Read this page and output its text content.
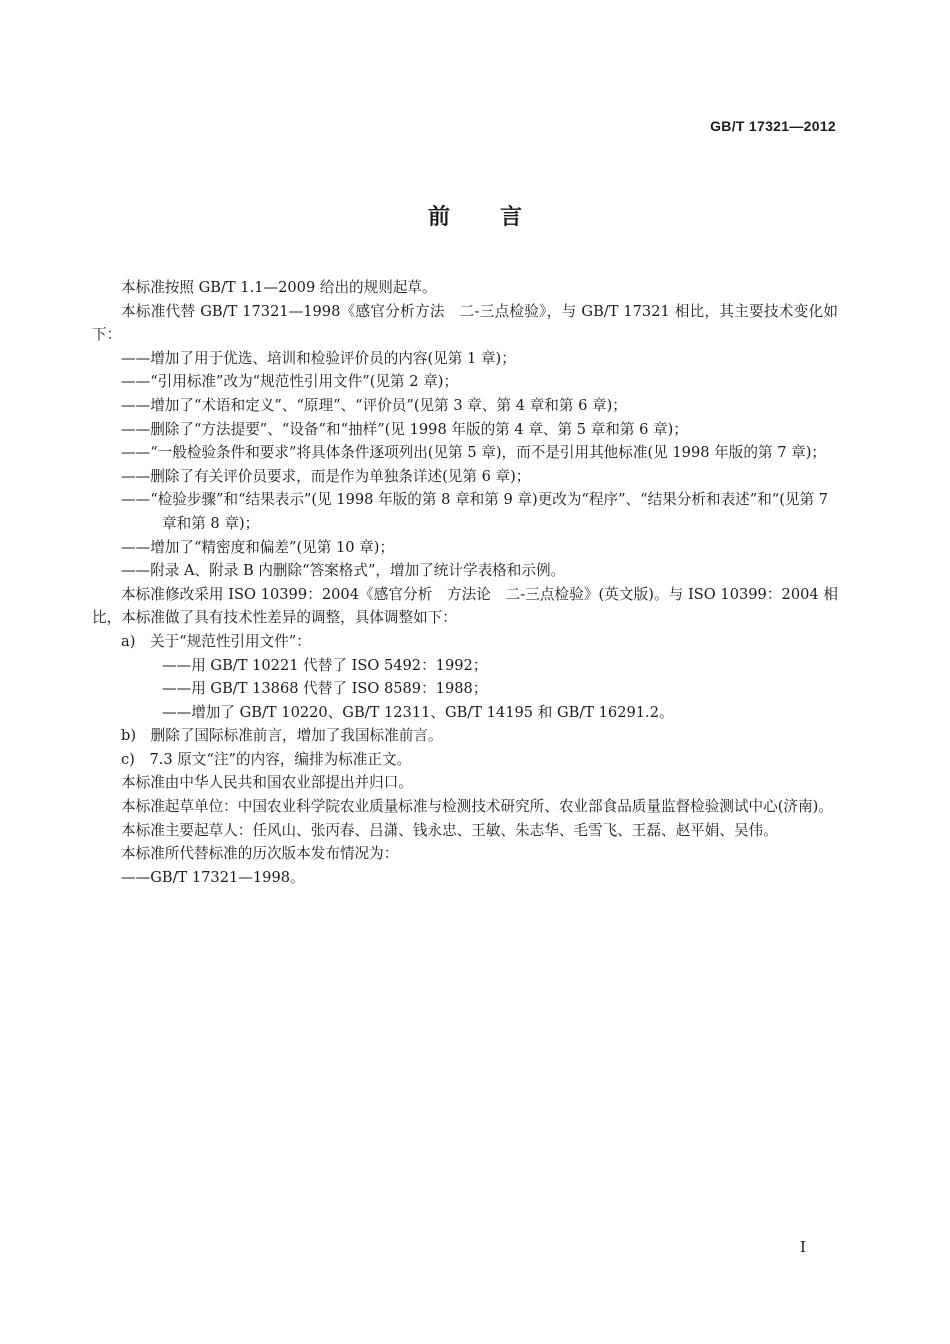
GB/T 17321—2012
前言

本标准按照 GB/T 1.1—2009 给出的规则起草。

本标准代替 GB/T 17321—1998《感官分析方法　二-三点检验》，与 GB/T 17321 相比，其主要技术变化如下：

——增加了用于优选、培训和检验评价员的内容(见第 1 章)；

——“引用标准”改为“规范性引用文件”(见第 2 章)；

——增加了“术语和定义”、“原理”、“评价员”(见第 3 章、第 4 章和第 6 章)；

——删除了“方法提要”、“设备”和“抽样”(见 1998 年版的第 4 章、第 5 章和第 6 章)；

——“一般检验条件和要求”将具体条件逐项列出(见第 5 章)，而不是引用其他标准(见 1998 年版的第 7 章)；

——删除了有关评价员要求，而是作为单独条详述(见第 6 章)；

——“检验步骤”和“结果表示”(见 1998 年版的第 8 章和第 9 章)更改为“程序”、“结果分析和表述”和“(见第 7 章和第 8 章)；

——增加了“精密度和偏差”(见第 10 章)；

——附录 A、附录 B 内删除“答案格式”，增加了统计学表格和示例。

本标准修改采用 ISO 10399：2004《感官分析　方法论　二-三点检验》(英文版)。与 ISO 10399：2004 相比，本标准做了具有技术性差异的调整，具体调整如下：

a)　关于“规范性引用文件”：

——用 GB/T 10221 代替了 ISO 5492：1992；

——用 GB/T 13868 代替了 ISO 8589：1988；

——增加了 GB/T 10220、GB/T 12311、GB/T 14195 和 GB/T 16291.2。

b)　删除了国际标准前言，增加了我国标准前言。

c)　7.3 原文“注”的内容，编排为标准正文。

本标准由中华人民共和国农业部提出并归口。

本标准起草单位：中国农业科学院农业质量标准与检测技术研究所、农业部食品质量监督检验测试中心(济南)。

本标准主要起草人：任风山、张丙春、吕潇、钱永忠、王敏、朱志华、毛雪飞、王磊、赵平娟、吴伟。

本标准所代替标准的历次版本发布情况为：

——GB/T 17321—1998。

I
